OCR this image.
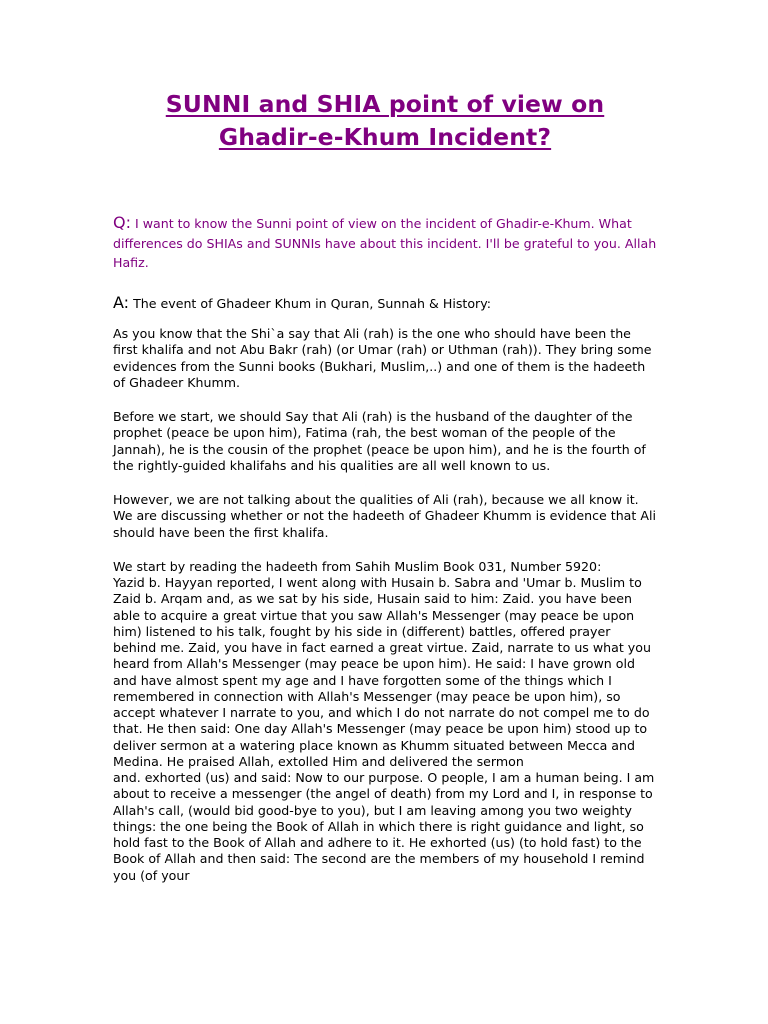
SUNNI and SHIA point of view on
Ghadir-e-Khum Incident?

Q: I want to know the Sunni point of view on the incident of Ghadir-e-Khum. What differences do SHIAs and SUNNIs have about this incident. I'll be grateful to you. Allah Hafiz.

A: The event of Ghadeer Khum in Quran, Sunnah & History:

As you know that the Shi`a say that Ali (rah) is the one who should have been the first khalifa and not Abu Bakr (rah) (or Umar (rah) or Uthman (rah)). They bring some evidences from the Sunni books (Bukhari, Muslim,..) and one of them is the hadeeth of Ghadeer Khumm.

Before we start, we should Say that Ali (rah) is the husband of the daughter of the prophet (peace be upon him), Fatima (rah, the best woman of the people of the Jannah), he is the cousin of the prophet (peace be upon him), and he is the fourth of the rightly-guided khalifahs and his qualities are all well known to us.

However, we are not talking about the qualities of Ali (rah), because we all know it. We are discussing whether or not the hadeeth of Ghadeer Khumm is evidence that Ali should have been the first khalifa.

We start by reading the hadeeth from Sahih Muslim Book 031, Number 5920:
Yazid b. Hayyan reported, I went along with Husain b. Sabra and 'Umar b. Muslim to Zaid b. Arqam and, as we sat by his side, Husain said to him: Zaid. you have been able to acquire a great virtue that you saw Allah's Messenger (may peace be upon him) listened to his talk, fought by his side in (different) battles, offered prayer behind me. Zaid, you have in fact earned a great virtue. Zaid, narrate to us what you heard from Allah's Messenger (may peace be upon him). He said: I have grown old and have almost spent my age and I have forgotten some of the things which I remembered in connection with Allah's Messenger (may peace be upon him), so accept whatever I narrate to you, and which I do not narrate do not compel me to do that. He then said: One day Allah's Messenger (may peace be upon him) stood up to deliver sermon at a watering place known as Khumm situated between Mecca and Medina. He praised Allah, extolled Him and delivered the sermon
and. exhorted (us) and said: Now to our purpose. O people, I am a human being. I am about to receive a messenger (the angel of death) from my Lord and I, in response to Allah's call, (would bid good-bye to you), but I am leaving among you two weighty things: the one being the Book of Allah in which there is right guidance and light, so hold fast to the Book of Allah and adhere to it. He exhorted (us) (to hold fast) to the Book of Allah and then said: The second are the members of my household I remind you (of your
